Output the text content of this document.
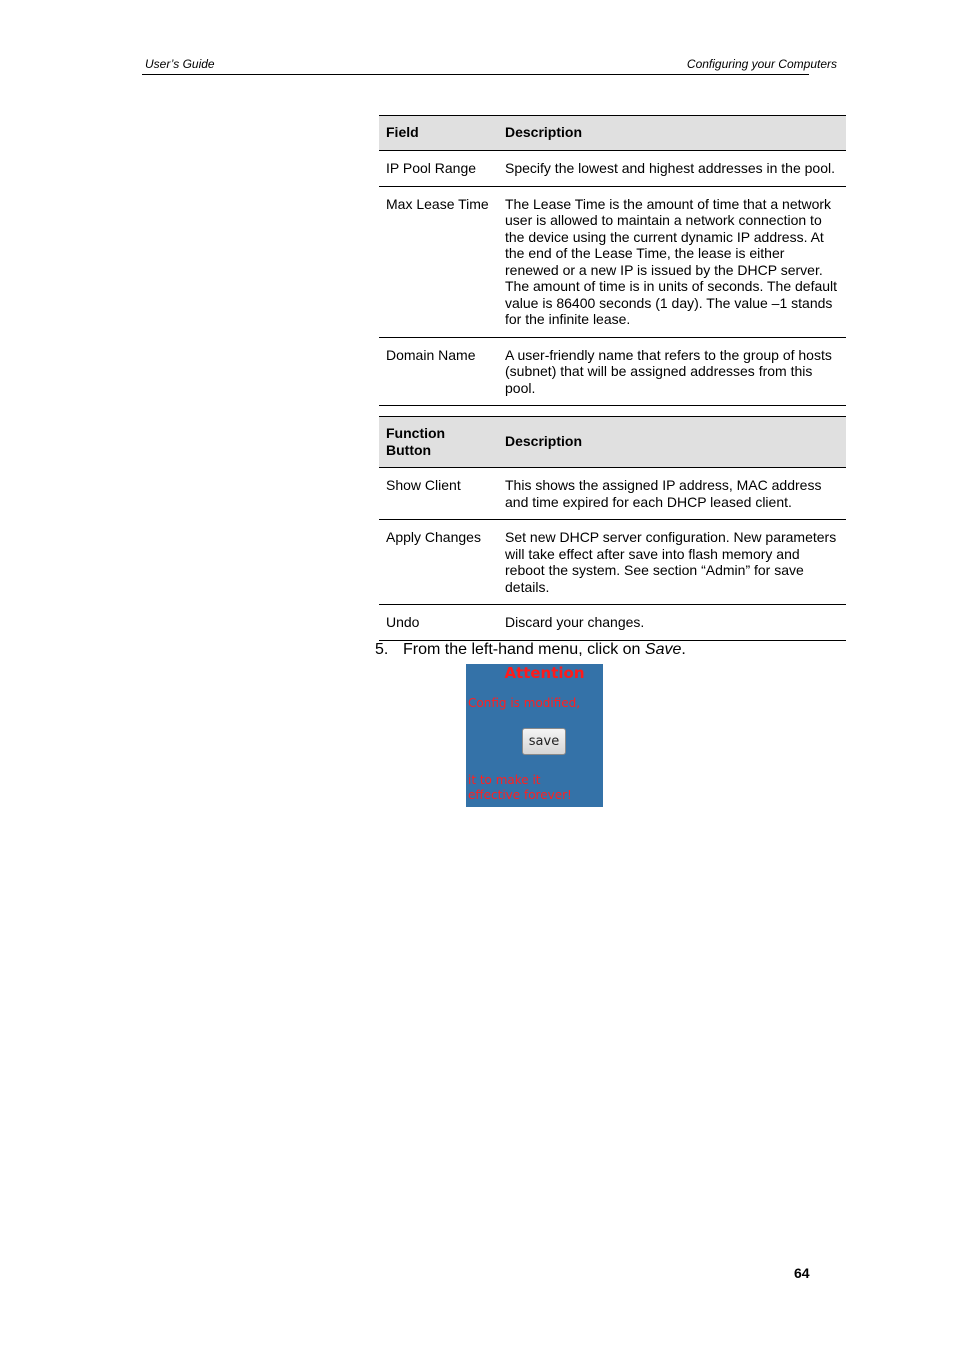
User’s Guide	Configuring your Computers
Field	Description
IP Pool Range	Specify the lowest and highest addresses in the pool.
Max Lease Time	The Lease Time is the amount of time that a network user is allowed to maintain a network connection to the device using the current dynamic IP address. At the end of the Lease Time, the lease is either renewed or a new IP is issued by the DHCP server. The amount of time is in units of seconds. The default value is 86400 seconds (1 day). The value –1 stands for the infinite lease.
Domain Name	A user-friendly name that refers to the group of hosts (subnet) that will be assigned addresses from this pool.
Function Button	Description
Show Client	This shows the assigned IP address, MAC address and time expired for each DHCP leased client.
Apply Changes	Set new DHCP server configuration. New parameters will take effect after save into flash memory and reboot the system. See section “Admin” for save details.
Undo	Discard your changes.
5. From the left-hand menu, click on Save.
Attention
Config is modified,
save
it to make it
effective forever!
64
